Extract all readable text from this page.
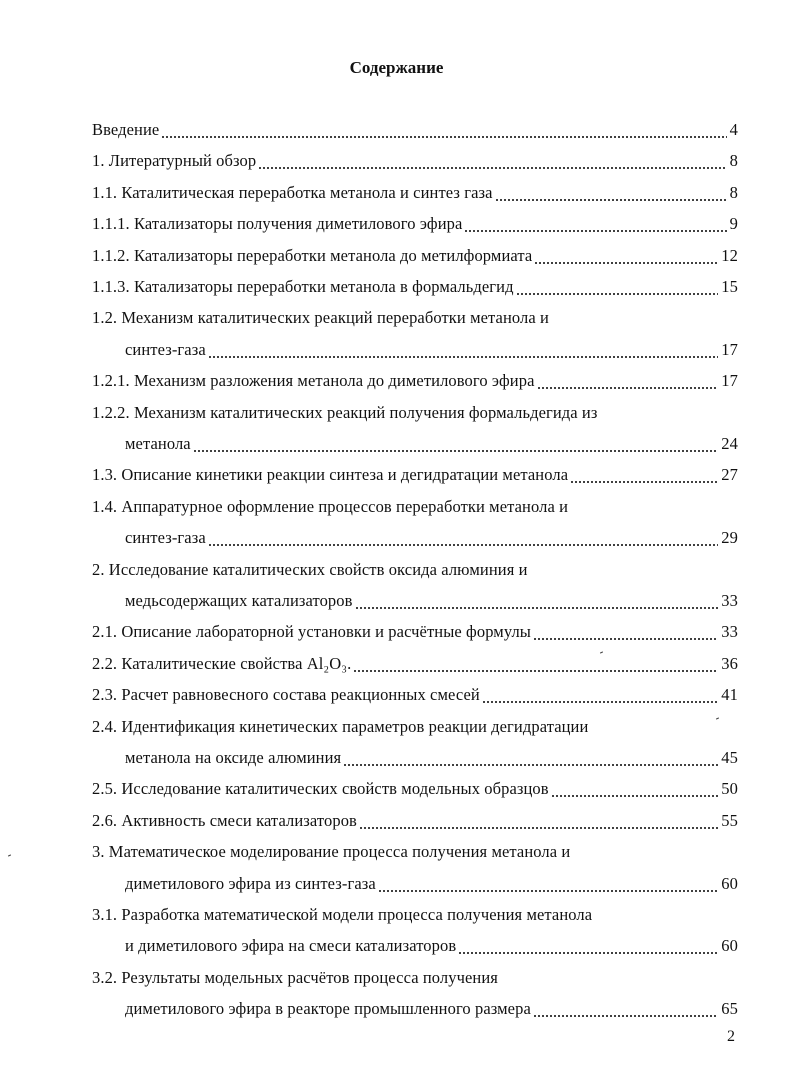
Содержание
Введение	4
1. Литературный обзор	8
1.1. Каталитическая переработка метанола и синтез газа	8
1.1.1. Катализаторы получения диметилового эфира	9
1.1.2. Катализаторы переработки метанола до метилформиата	12
1.1.3. Катализаторы переработки метанола в формальдегид	15
1.2. Механизм каталитических реакций переработки метанола и
синтез-газа	17
1.2.1. Механизм разложения метанола до диметилового эфира	17
1.2.2. Механизм каталитических реакций получения формальдегида из
метанола	24
1.3. Описание кинетики реакции синтеза и дегидратации метанола	27
1.4. Аппаратурное оформление процессов переработки метанола и
синтез-газа	29
2. Исследование каталитических свойств оксида алюминия и
медьсодержащих катализаторов	33
2.1. Описание лабораторной установки и расчётные формулы	33
2.2. Каталитические свойства Al₂O₃.	36
2.3. Расчет равновесного состава реакционных смесей	41
2.4. Идентификация кинетических параметров реакции дегидратации
метанола на оксиде алюминия	45
2.5. Исследование каталитических свойств модельных образцов	50
2.6. Активность смеси катализаторов	55
3. Математическое моделирование процесса получения метанола и
диметилового эфира из синтез-газа	60
3.1. Разработка математической модели процесса получения метанола
и диметилового эфира на смеси катализаторов	60
3.2. Результаты модельных расчётов процесса получения
диметилового эфира в реакторе промышленного размера	65
2
